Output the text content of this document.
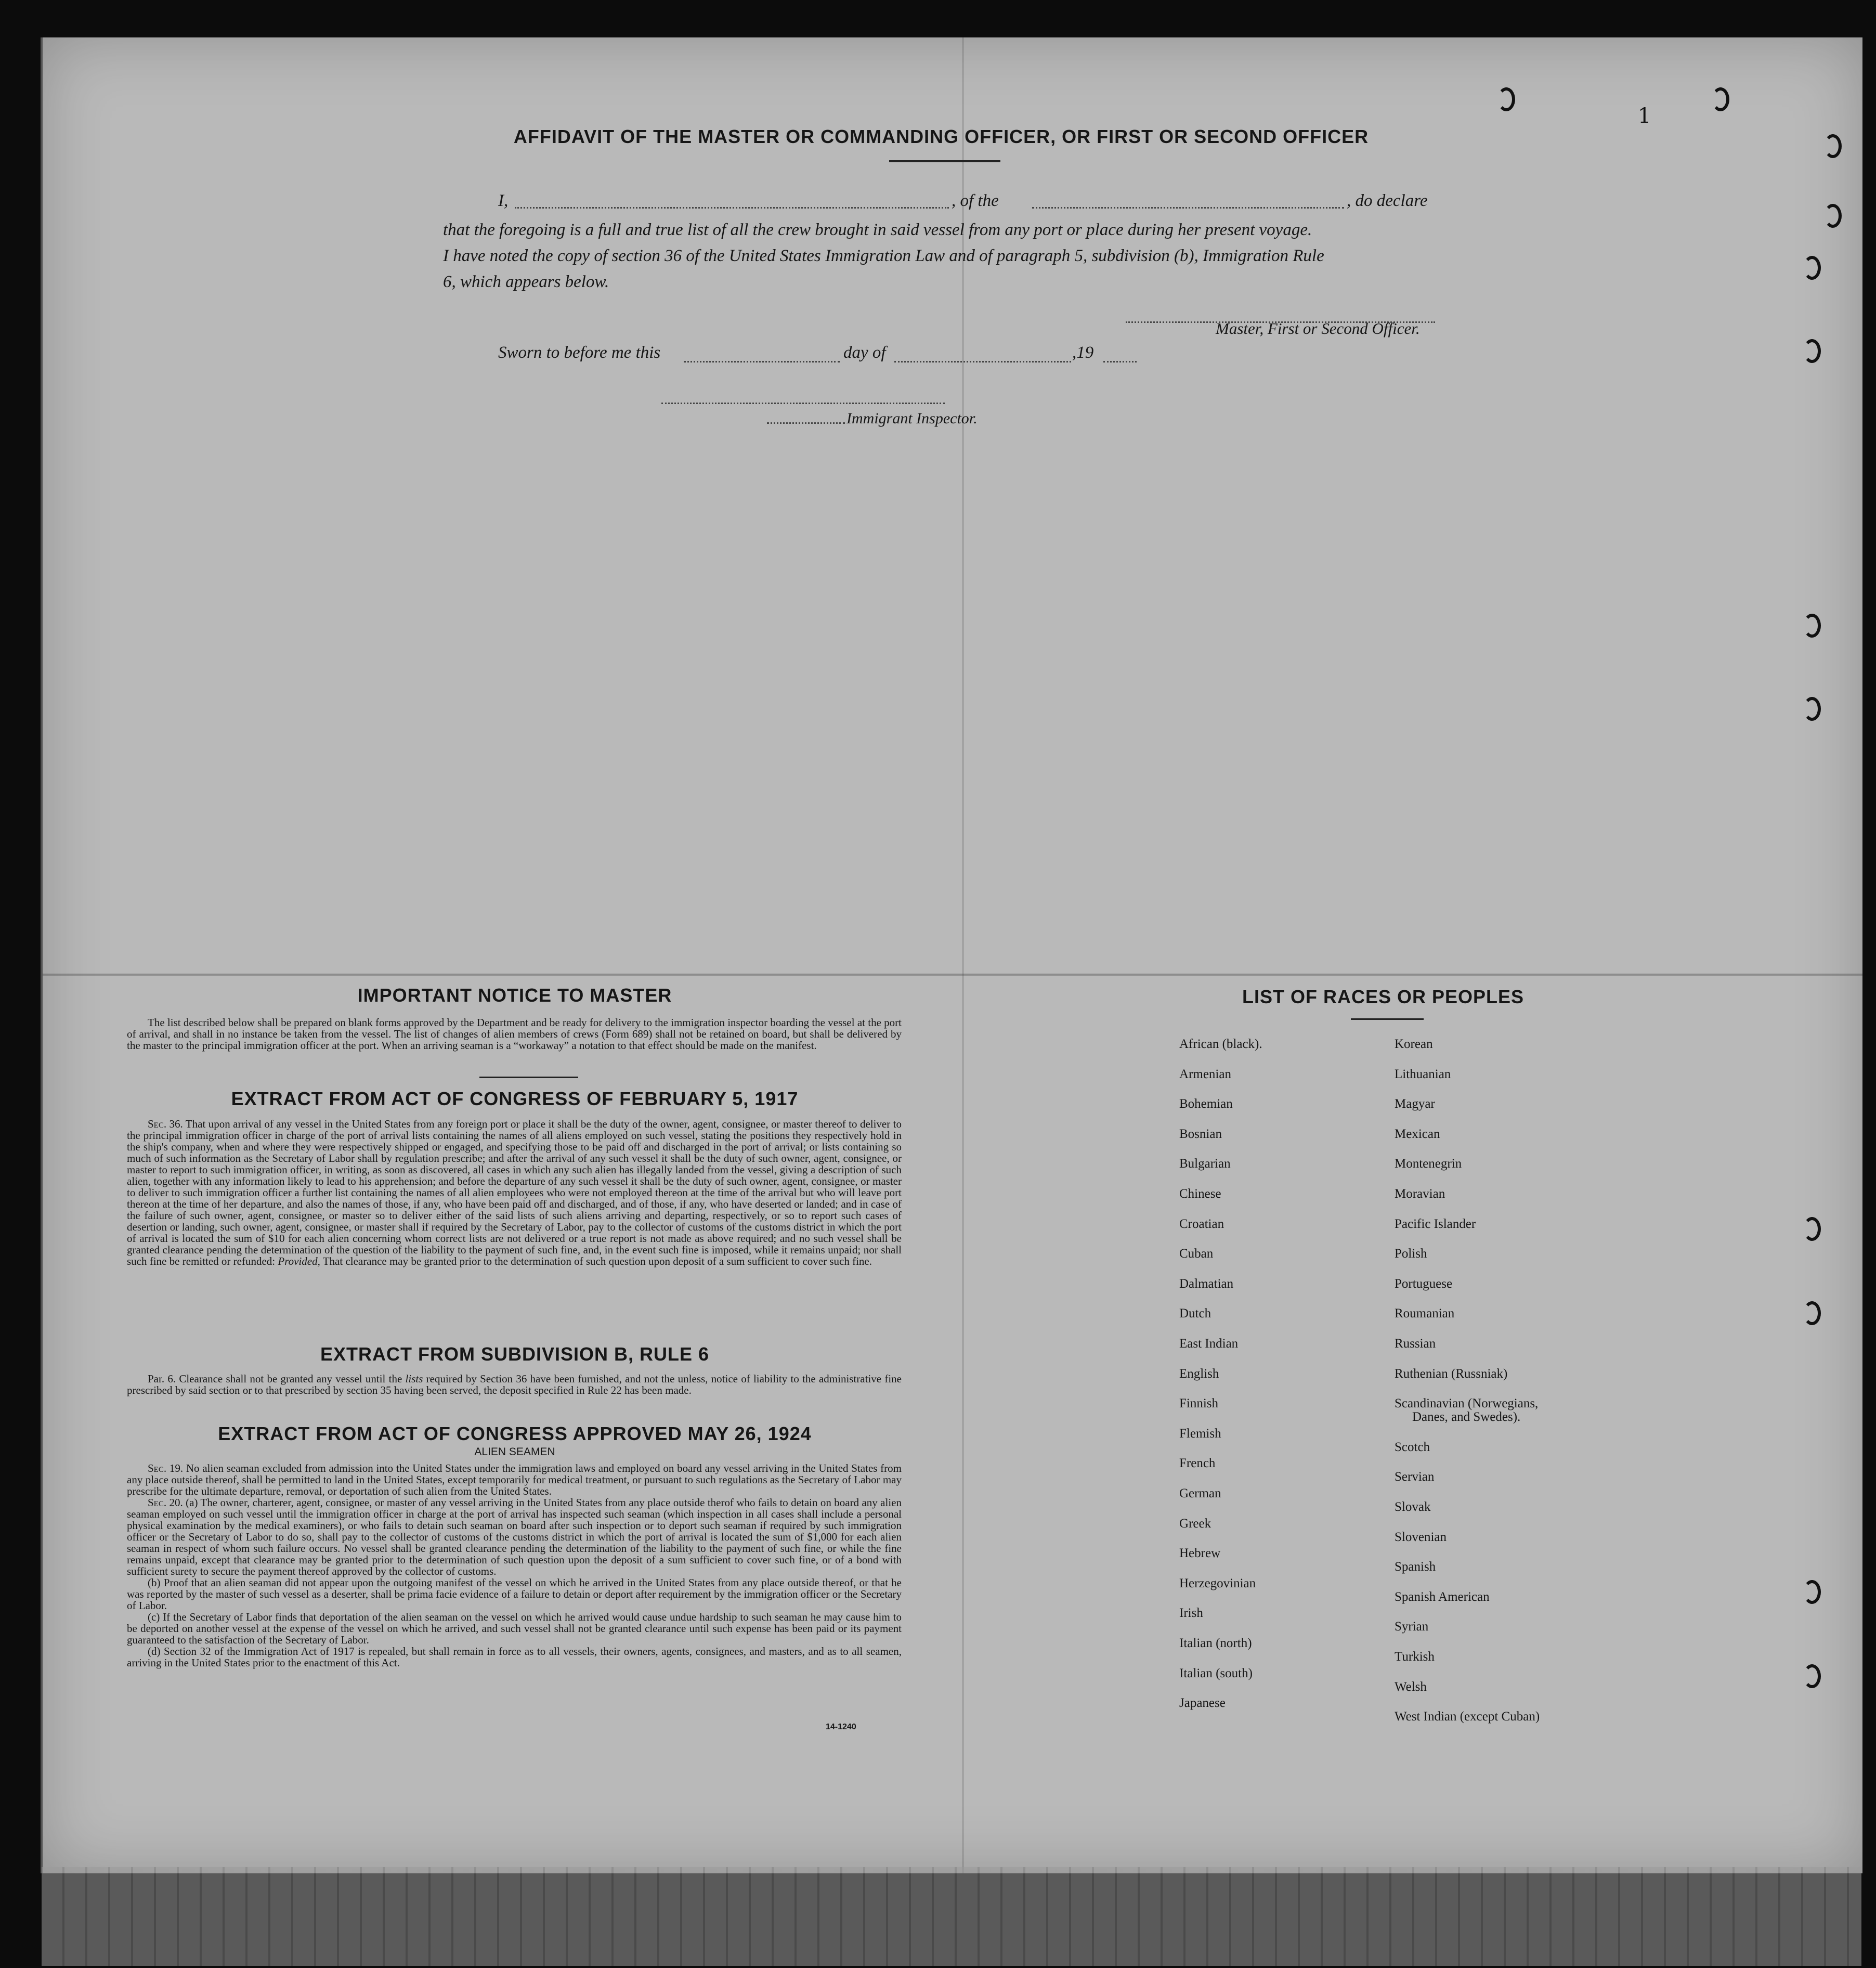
1
AFFIDAVIT OF THE MASTER OR COMMANDING OFFICER, OR FIRST OR SECOND OFFICER
I,	, of the	, do declare
that the foregoing is a full and true list of all the crew brought in said vessel from any port or place during her present voyage.
I have noted the copy of section 36 of the United States Immigration Law and of paragraph 5, subdivision (b), Immigration Rule
6, which appears below.
Master, First or Second Officer.
Sworn to before me this	day of	,19
Immigrant Inspector.
IMPORTANT NOTICE TO MASTER

The list described below shall be prepared on blank forms approved by the Department and be ready for delivery to the immigration inspector boarding the vessel at the port of arrival, and shall in no instance be taken from the vessel. The list of changes of alien members of crews (Form 689) shall not be retained on board, but shall be delivered by the master to the principal immigration officer at the port. When an arriving seaman is a “workaway” a notation to that effect should be made on the manifest.

EXTRACT FROM ACT OF CONGRESS OF FEBRUARY 5, 1917

Sec. 36. That upon arrival of any vessel in the United States from any foreign port or place it shall be the duty of the owner, agent, consignee, or master thereof to deliver to the principal immigration officer in charge of the port of arrival lists containing the names of all aliens employed on such vessel, stating the positions they respectively hold in the ship's company, when and where they were respectively shipped or engaged, and specifying those to be paid off and discharged in the port of arrival; or lists containing so much of such information as the Secretary of Labor shall by regulation prescribe; and after the arrival of any such vessel it shall be the duty of such owner, agent, consignee, or master to report to such immigration officer, in writing, as soon as discovered, all cases in which any such alien has illegally landed from the vessel, giving a description of such alien, together with any information likely to lead to his apprehension; and before the departure of any such vessel it shall be the duty of such owner, agent, consignee, or master to deliver to such immigration officer a further list containing the names of all alien employees who were not employed thereon at the time of the arrival but who will leave port thereon at the time of her departure, and also the names of those, if any, who have been paid off and discharged, and of those, if any, who have deserted or landed; and in case of the failure of such owner, agent, consignee, or master so to deliver either of the said lists of such aliens arriving and departing, respectively, or so to report such cases of desertion or landing, such owner, agent, consignee, or master shall if required by the Secretary of Labor, pay to the collector of customs of the customs district in which the port of arrival is located the sum of $10 for each alien concerning whom correct lists are not delivered or a true report is not made as above required; and no such vessel shall be granted clearance pending the determination of the question of the liability to the payment of such fine, and, in the event such fine is imposed, while it remains unpaid; nor shall such fine be remitted or refunded: Provided, That clearance may be granted prior to the determination of such question upon deposit of a sum sufficient to cover such fine.

EXTRACT FROM SUBDIVISION B, RULE 6

Par. 6. Clearance shall not be granted any vessel until the lists required by Section 36 have been furnished, and not the unless, notice of liability to the administrative fine prescribed by said section or to that prescribed by section 35 having been served, the deposit specified in Rule 22 has been made.

EXTRACT FROM ACT OF CONGRESS APPROVED MAY 26, 1924
ALIEN SEAMEN

Sec. 19. No alien seaman excluded from admission into the United States under the immigration laws and employed on board any vessel arriving in the United States from any place outside thereof, shall be permitted to land in the United States, except temporarily for medical treatment, or pursuant to such regulations as the Secretary of Labor may prescribe for the ultimate departure, removal, or deportation of such alien from the United States.

Sec. 20. (a) The owner, charterer, agent, consignee, or master of any vessel arriving in the United States from any place outside therof who fails to detain on board any alien seaman employed on such vessel until the immigration officer in charge at the port of arrival has inspected such seaman (which inspection in all cases shall include a personal physical examination by the medical examiners), or who fails to detain such seaman on board after such inspection or to deport such seaman if required by such immigration officer or the Secretary of Labor to do so, shall pay to the collector of customs of the customs district in which the port of arrival is located the sum of $1,000 for each alien seaman in respect of whom such failure occurs. No vessel shall be granted clearance pending the determination of the liability to the payment of such fine, or while the fine remains unpaid, except that clearance may be granted prior to the determination of such question upon the deposit of a sum sufficient to cover such fine, or of a bond with sufficient surety to secure the payment thereof approved by the collector of customs.

(b) Proof that an alien seaman did not appear upon the outgoing manifest of the vessel on which he arrived in the United States from any place outside thereof, or that he was reported by the master of such vessel as a deserter, shall be prima facie evidence of a failure to detain or deport after requirement by the immigration officer or the Secretary of Labor.

(c) If the Secretary of Labor finds that deportation of the alien seaman on the vessel on which he arrived would cause undue hardship to such seaman he may cause him to be deported on another vessel at the expense of the vessel on which he arrived, and such vessel shall not be granted clearance until such expense has been paid or its payment guaranteed to the satisfaction of the Secretary of Labor.

(d) Section 32 of the Immigration Act of 1917 is repealed, but shall remain in force as to all vessels, their owners, agents, consignees, and masters, and as to all seamen, arriving in the United States prior to the enactment of this Act.

14-1240
LIST OF RACES OR PEOPLES
African (black).
Armenian
Bohemian
Bosnian
Bulgarian
Chinese
Croatian
Cuban
Dalmatian
Dutch
East Indian
English
Finnish
Flemish
French
German
Greek
Hebrew
Herzegovinian
Irish
Italian (north)
Italian (south)
Japanese
Korean
Lithuanian
Magyar
Mexican
Montenegrin
Moravian
Pacific Islander
Polish
Portuguese
Roumanian
Russian
Ruthenian (Russniak)
Scandinavian (Norwegians,
Danes, and Swedes).
Scotch
Servian
Slovak
Slovenian
Spanish
Spanish American
Syrian
Turkish
Welsh
West Indian (except Cuban)
